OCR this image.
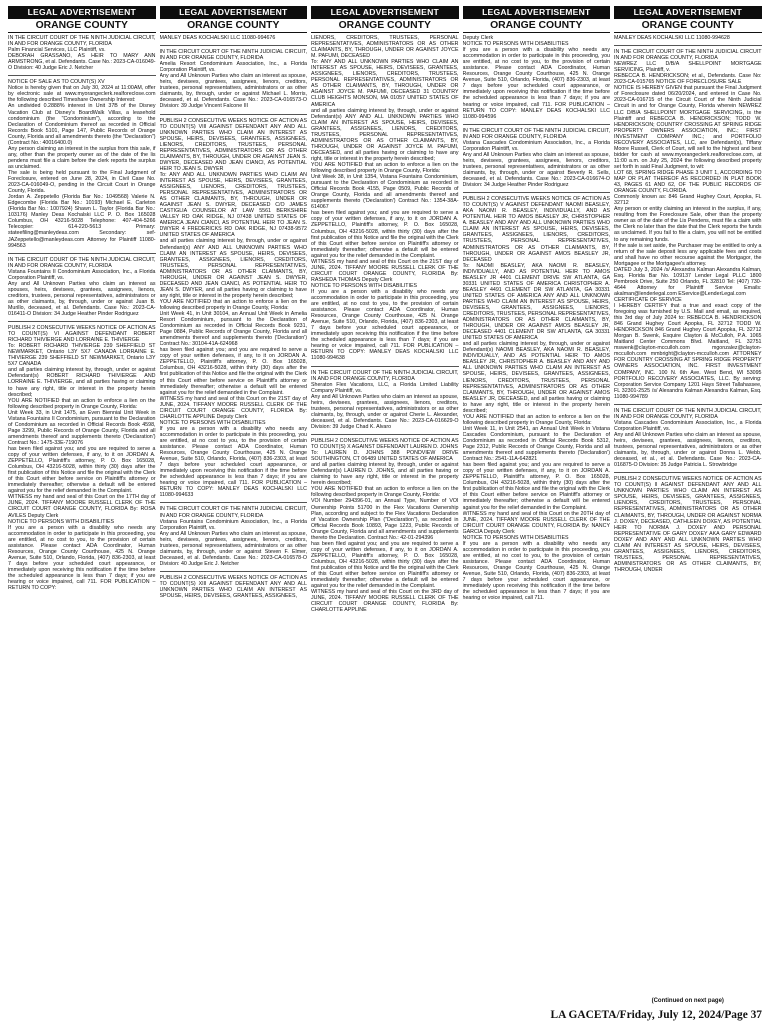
LEGAL ADVERTISEMENT
ORANGE COUNTY

IN THE CIRCUIT COURT OF THE NINTH JUDICIAL CIRCUIT, IN AND FOR ORANGE COUNTY, FLORIDA

Palm Financial Services, LLC Plaintiff, vs.

DEBORAH GRASSANO, AS HEIR TO MARY ANN ARMSTRONG, et al. Defendants. Case No.: 2023-CA-016049-O Division: 40 Judge Eric J. Netcher

NOTICE OF SALE AS TO COUNT(S) XV

Notice is hereby given that on July 30, 2024 at 11:00AM, offer by electronic sale at www.myorangeclerk.realforeclose.com the following described Timeshare Ownership Interest:

An undivided 0.2888% interest in Unit 37B of the Disney Vacation Club at Disney's BoardWalk Villas, a leasehold condominium (the "Condominium"), according to the Declaration of Condominium thereof as recorded in Official Records Book 5101, Page 147, Public Records of Orange County, Florida and all amendments thereto (the "Declaration") (Contract No.: 40016400.0)

Any person claiming an interest in the surplus from this sale, if any, other than the property owner as of the date of the lis pendens must file a claim before the clerk reports the surplus as unclaimed.

The sale is being held pursuant to the Final Judgment of Foreclosure, entered on June 28, 2024, in Civil Case No. 2023-CA-016049-O, pending in the Circuit Court in Orange County, Florida.

Jordan A. Zeppetello (Florida Bar No.: 1049568) Valerie N. Edgecombe (Florida Bar No.: 10193) Michael E. Carleton (Florida Bar No.: 1007924) Shawn L. Taylor (Florida Bar No.: 103176) Manley Deas Kochalski LLC P. O. Box 165028 Columbus, OH 43216-5028 Telephone: 407-404-5266 Telecopier: 614-220-5613 Primary: stateefiling@manleydeas.com Secondary: sef-JAZeppetello@manleydeas.com Attorney for Plaintiff 11080-994563

IN THE CIRCUIT COURT OF THE NINTH JUDICIAL CIRCUIT, IN AND FOR ORANGE COUNTY, FLORIDA

Vistana Fountains II Condominium Association, Inc., a Florida Corporation Plaintiff, vs.

Any and All Unknown Parties who claim an interest as spouses, heirs, devisees, grantees, assignees, lienors, creditors, trustees, personal representatives, administrators or as other claimants, by, through, under or against Juan B. Murillo, deceased, et al. Defendants. Case No.: 2023-CA-016411-O Division: 34 Judge Heather Pinder Rodriguez

PUBLISH 2 CONSECUTIVE WEEKS NOTICE OF ACTION AS TO COUNT(S) VI AGAINST DEFENDANT ROBERT RICHARD THIVIERGE AND LORRAINE E. THIVIERGE

To: ROBERT RICHARD THIVIERGE 239 SHEFFIELD ST NEWMARKET, Ontario L3Y 5X7 CANADA LORRAINE E. THIVIERGE 239 SHEFFIELD ST NEWMARKET, Ontario L3Y 5X7 CANADA

and all parties claiming interest by, through, under or against Defendant(s) ROBERT RICHARD THIVIERGE AND LORRAINE E. THIVIERGE, and all parties having or claiming to have any right, title or interest in the property herein described;

YOU ARE NOTIFIED that an action to enforce a lien on the following described property in Orange County, Florida:

Unit Week 33, in Unit 1475, an Even Biennial Unit Week in Vistana Fountains II Condominium, pursuant to the Declaration of Condominium as recorded in Official Records Book 4598, Page 3299, Public Records of Orange County, Florida and all amendments thereof and supplements thereto ('Declaration') Contract No.: 1475-33E-719076

has been filed against you; and you are required to serve a copy of your written defenses, if any, to it on JORDAN A. ZEPPETELLO, Plaintiff's attorney, P. O. Box 165028, Columbus, OH 43216-5028, within thirty (30) days after the first publication of this Notice and file the original with the Clerk of this Court either before service on Plaintiff's attorney or immediately thereafter; otherwise a default will be entered against you for the relief demanded in the Complaint.

WITNESS my hand and seal of this Court on the 17TH day of JUNE, 2024. TIFFANY MOORE RUSSELL CLERK OF THE CIRCUIT COURT ORANGE COUNTY, FLORIDA By: ROSA AVILES Deputy Clerk

NOTICE TO PERSONS WITH DISABILITIES

If you are a person with a disability who needs any accommodation in order to participate in this proceeding, you are entitled, at no cost to you, to the provision of certain assistance. Please contact ADA Coordinator, Human Resources, Orange County Courthouse, 425 N. Orange Avenue, Suite 510, Orlando, Florida, (407) 836-2303, at least 7 days before your scheduled court appearance, or immediately upon receiving this notification if the time before the scheduled appearance is less than 7 days; if you are hearing or voice impaired, call 711. FOR PUBLICATION – RETURN TO COPY:

LEGAL ADVERTISEMENT
ORANGE COUNTY

MANLEY DEAS KOCHALSKI LLC 11080-994676

IN THE CIRCUIT COURT OF THE NINTH JUDICIAL CIRCUIT, IN AND FOR ORANGE COUNTY, FLORIDA

Amelia Resort Condominium Association, Inc., a Florida Corporation Plaintiff, vs.

Any and All Unknown Parties who claim an interest as spouse, heirs, devisees, grantees, assignees, lienors, creditors, trustees, personal representatives, administrators or as other claimants, by, through, under or against Michael L. Morris, deceased, et al. Defendants. Case No.: 2023-CA-016573-O Division: 39 Judge Vincent Falcone III

PUBLISH 2 CONSECUTIVE WEEKS NOTICE OF ACTION AS TO COUNT(S) VIII AGAINST DEFENDANT ANY AND ALL UNKNOWN PARTIES WHO CLAIM AN INTEREST AS SPOUSE, HEIRS, DEVISEES, GRANTEES, ASSIGNEES, LIENORS, CREDITORS, TRUSTEES, PERSONAL REPRESENTATIVES, ADMINISTRATORS OR AS OTHER CLAIMANTS, BY, THROUGH, UNDER OR AGAINST JEAN S. DWYER, DECEASED AND JEAN CIANCI, AS POTENTIAL HEIR TO JEAN S. DWYER

To: ANY AND ALL UNKNOWN PARTIES WHO CLAIM AN INTEREST AS SPOUSE, HEIRS, DEVISEES, GRANTEES, ASSIGNEES, LIENORS, CREDITORS, TRUSTEES, PERSONAL REPRESENTATIVES, ADMINISTRATORS OR AS OTHER CLAIMANTS, BY, THROUGH, UNDER OR AGAINST JEAN S. DWYER, DECEASED C/O JAMES CASTIGLIA COUNSELOR AT LAW 5561 BERKSHIRE VALLEY RD OAK RIDGE, NJ 07438 UNITED STATES OF AMERICA JEAN CIANCI, AS POTENTIAL HEIR TO JEAN S. DWYER 4 FREDERICKS RD OAK RIDGE, NJ 07438-9572 UNITED STATES OF AMERICA

and all parties claiming interest by, through, under or against Defendant(s) ANY AND ALL UNKNOWN PARTIES WHO CLAIM AN INTEREST AS SPOUSE, HEIRS, DEVISEES, GRANTEES, ASSIGNEES, LIENORS, CREDITORS, TRUSTEES, PERSONAL REPRESENTATIVES, ADMINISTRATORS OR AS OTHER CLAIMANTS, BY, THROUGH, UNDER OR AGAINST JEAN S. DWYER, DECEASED AND JEAN CIANCI, AS POTENTIAL HEIR TO JEAN S. DWYER, and all parties having or claiming to have any right, title or interest in the property herein described;

YOU ARE NOTIFIED that an action to enforce a lien on the following described property in Orange County, Florida:

Unit Week 41, in Unit 30104, an Annual Unit Week in Amelia Resort Condominium, pursuant to the Declaration of Condominium as recorded in Official Records Book 9231, Page 0884, Public Records of Orange County, Florida and all amendments thereof and supplements thereto ('Declaration') Contract No.: 30104-41A-624968

has been filed against you; and you are required to serve a copy of your written defenses, if any, to it on JORDAN A. ZEPPETELLO, Plaintiff's attorney, P. O. Box 165028, Columbus, OH 43216-5028, within thirty (30) days after the first publication of this Notice and file the original with the Clerk of this Court either before service on Plaintiff's attorney or immediately thereafter; otherwise a default will be entered against you for the relief demanded in the Complaint.

WITNESS my hand and seal of this Court on the 21ST day of JUNE, 2024. TIFFANY MOORE RUSSELL CLERK OF THE CIRCUIT COURT ORANGE COUNTY, FLORIDA By: CHARLOTTE APPLINE Deputy Clerk

NOTICE TO PERSONS WITH DISABILITIES

If you are a person with a disability who needs any accommodation in order to participate in this proceeding, you are entitled, at no cost to you, to the provision of certain assistance. Please contact ADA Coordinator, Human Resources, Orange County Courthouse, 425 N. Orange Avenue, Suite 510, Orlando, Florida, (407) 836-2303, at least 7 days before your scheduled court appearance, or immediately upon receiving this notification if the time before the scheduled appearance is less than 7 days; if you are hearing or voice impaired, call 711. FOR PUBLICATION – RETURN TO COPY: MANLEY DEAS KOCHALSKI LLC 11080-994633

IN THE CIRCUIT COURT OF THE NINTH JUDICIAL CIRCUIT, IN AND FOR ORANGE COUNTY, FLORIDA

Vistana Fountains Condominium Association, Inc., a Florida Corporation Plaintiff, vs.

Any and All Unknown Parties who claim an interest as spouse, heirs, devisees, grantees, assignees, lienors, creditors, trustees, personal representatives, administrators or as other claimants, by, through, under or against Steven F. Elmer, Deceased, et al. Defendants. Case No.: 2023-CA-016578-O Division: 40 Judge Eric J. Netcher

PUBLISH 2 CONSECUTIVE WEEKS NOTICE OF ACTION AS TO COUNT(S) XIII AGAINST DEFENDANT ANY AND ALL UNKNOWN PARTIES WHO CLAIM AN INTEREST AS SPOUSE, HEIRS, DEVISEES, GRANTEES, ASSIGNEES,

LEGAL ADVERTISEMENT
ORANGE COUNTY

LIENORS, CREDITORS, TRUSTEES, PERSONAL REPRESENTATIVES, ADMINISTRATORS OR AS OTHER CLAIMANTS, BY, THROUGH, UNDER OR AGAINST JOYCE M. PAFUMI, DECEASED

To: ANY AND ALL UNKNOWN PARTIES WHO CLAIM AN INTEREST AS SPOUSE, HEIRS, DEVISEES, GRANTEES, ASSIGNEES, LIENORS, CREDITORS, TRUSTEES, PERSONAL REPRESENTATIVES, ADMINISTRATORS OR AS OTHER CLAIMANTS, BY, THROUGH, UNDER OR AGAINST JOYCE M. PAFUMI, DECEASED 31 COUNTRY CLUB HEIGHTS MONSON, MA 01057 UNITED STATES OF AMERICA

and all parties claiming interest by, through, under or against Defendant(s) ANY AND ALL UNKNOWN PARTIES WHO CLAIM AN INTEREST AS SPOUSE, HEIRS, DEVISEES, GRANTEES, ASSIGNEES, LIENORS, CREDITORS, TRUSTEES, PERSONAL REPRESENTATIVES, ADMINISTRATORS OR AS OTHER CLAIMANTS, BY, THROUGH, UNDER OR AGAINST JOYCE M. PAFUMI, DECEASED, and all parties having or claiming to have any right, title or interest in the property herein described;

YOU ARE NOTIFIED that an action to enforce a lien on the following described property in Orange County, Florida:

Unit Week 38, in Unit 1354, Vistana Fountains Condominium, pursuant to the Declaration of Condominium as recorded in Official Records Book 4155, Page 0509, Public Records of Orange County, Florida and all amendments thereof and supplements thereto ('Declaration') Contract No.: 1354-38A-614067

has been filed against you; and you are required to serve a copy of your written defenses, if any, to it on JORDAN A. ZEPPETELLO, Plaintiff's attorney, P. O. Box 165028, Columbus, OH 43216-5028, within thirty (30) days after the first publication of this Notice and file the original with the Clerk of this Court either before service on Plaintiff's attorney or immediately thereafter; otherwise a default will be entered against you for the relief demanded in the Complaint.

WITNESS my hand and seal of this Court on the 21ST day of JUNE, 2024. TIFFANY MOORE RUSSELL CLERK OF THE CIRCUIT COURT ORANGE COUNTY, FLORIDA By: RASHEDA THOMAS Deputy Clerk

NOTICE TO PERSONS WITH DISABILITIES

If you are a person with a disability who needs any accommodation in order to participate in this proceeding, you are entitled, at no cost to you, to the provision of certain assistance. Please contact ADA Coordinator, Human Resources, Orange County Courthouse, 425 N. Orange Avenue, Suite 510, Orlando, Florida, (407) 836-2303, at least 7 days before your scheduled court appearance, or immediately upon receiving this notification if the time before the scheduled appearance is less than 7 days; if you are hearing or voice impaired, call 711. FOR PUBLICATION – RETURN TO COPY: MANLEY DEAS KOCHALSKI LLC 11080-994638

IN THE CIRCUIT COURT OF THE NINTH JUDICIAL CIRCUIT, IN AND FOR ORANGE COUNTY, FLORIDA

Sheraton Flex Vacations, LLC, a Florida Limited Liability Company Plaintiff, vs.

Any and All Unknown Parties who claim an interest as spouse, heirs, devisees, grantees, assignees, lienors, creditors, trustees, personal representatives, administrators or as other claimants, by, through, under or against Cherie L. Alexander, deceased, et al. Defendants. Case No.: 2023-CA-016629-O Division: 39 Judge Chad K. Alvaro

PUBLISH 2 CONSECUTIVE WEEKS NOTICE OF ACTION AS TO COUNT(S) X AGAINST DEFENDANT LAUREN D. JOHNS

To: LAUREN D. JOHNS 388 PONDVIEW DRIVE SOUTHINGTON, CT 06489 UNITED STATES OF AMERICA

and all parties claiming interest by, through, under or against Defendant(s) LAUREN D. JOHNS, and all parties having or claiming to have any right, title or interest in the property herein described;

YOU ARE NOTIFIED that an action to enforce a lien on the following described property in Orange County, Florida:

VOI Number 294396-01, an Annual Type, Number of VOI Ownership Points 51700 in the Flex Vacations Ownership Plan, according and subject to the Flex Vacations Declaration of Vacation Ownership Plan ("Declaration"), as recorded in Official Records Book 10893, Page 1223, Public Records of Orange County, Florida and all amendments and supplements thereto the Declaration. Contract No.: 42-01-294396

has been filed against you; and you are required to serve a copy of your written defenses, if any, to it on JORDAN A. ZEPPETELLO, Plaintiff's attorney, P. O. Box 165028, Columbus, OH 43216-5028, within thirty (30) days after the first publication of this Notice and file the original with the Clerk of this Court either before service on Plaintiff's attorney or immediately thereafter; otherwise a default will be entered against you for the relief demanded in the Complaint.

WITNESS my hand and seal of this Court on the 3RD day of JUNE, 2024. TIFFANY MOORE RUSSELL CLERK OF THE CIRCUIT COURT ORANGE COUNTY, FLORIDA By: CHARLOTTE APPLINE

LEGAL ADVERTISEMENT
ORANGE COUNTY

Deputy Clerk

NOTICE TO PERSONS WITH DISABILITIES

If you are a person with a disability who needs any accommodation in order to participate in this proceeding, you are entitled, at no cost to you, to the provision of certain assistance. Please contact ADA Coordinator, Human Resources, Orange County Courthouse, 425 N. Orange Avenue, Suite 510, Orlando, Florida, (407) 836-2303, at least 7 days before your scheduled court appearance, or immediately upon receiving this notification if the time before the scheduled appearance is less than 7 days; if you are hearing or voice impaired, call 711. FOR PUBLICATION – RETURN TO COPY: MANLEY DEAS KOCHALSKI LLC 11080-994596

IN THE CIRCUIT COURT OF THE NINTH JUDICIAL CIRCUIT, IN AND FOR ORANGE COUNTY, FLORIDA

Vistana Cascades Condominium Association, Inc., a Florida Corporation Plaintiff, vs.

Any and All Unknown Parties who claim an interest as spouse, heirs, devisees, grantees, assignees, lienors, creditors, trustees, personal representatives, administrators or as other claimants, by, through, under or against Beverly R. Sells, deceased, et al. Defendants. Case No.: 2023-CA-016674-O Division: 34 Judge Heather Pinder Rodriguez

PUBLISH 2 CONSECUTIVE WEEKS NOTICE OF ACTION AS TO COUNT(S) V AGAINST DEFENDANT NAOMI BEASLEY, AKA NAOMI R. BEASLEY, INDIVIDUALLY, AND AS POTENTIAL HEIR TO AMOS BEASLEY JR, CHRISTOPHER A. BEASLEY AND ANY AND ALL UNKNOWN PARTIES WHO CLAIM AN INTEREST AS SPOUSE, HEIRS, DEVISEES, GRANTEES, ASSIGNEES, LIENORS, CREDITORS, TRUSTEES, PERSONAL REPRESENTATIVES, ADMINISTRATORS OR AS OTHER CLAIMANTS, BY, THROUGH, UNDER OR AGAINST AMOS BEASLEY JR, DECEASED

To: NAOMI BEASLEY, AKA NAOMI R. BEASLEY, INDIVIDUALLY, AND AS POTENTIAL HEIR TO AMOS BEASLEY JR 4401 CLEMENT DRIVE SW ATLANTA, GA 30331 UNITED STATES OF AMERICA CHRISTOPHER A. BEASLEY 4491 CLEMENT DR SW ATLANTA, GA 30331 UNITED STATES OF AMERICA ANY AND ALL UNKNOWN PARTIES WHO CLAIM AN INTEREST AS SPOUSE, HEIRS, DEVISEES, GRANTEES, ASSIGNEES, LIENORS, CREDITORS, TRUSTEES, PERSONAL REPRESENTATIVES, ADMINISTRATORS OR AS OTHER CLAIMANTS, BY, THROUGH, UNDER OR AGAINST AMOS BEASLEY JR, DECEASED 4401 CLEMENT DR SW ATLANTA, GA 30331 UNITED STATES OF AMERICA

and all parties claiming interest by, through, under or against Defendant(s) NAOMI BEASLEY, AKA NAOMI R. BEASLEY, INDIVIDUALLY, AND AS POTENTIAL HEIR TO AMOS BEASLEY JR, CHRISTOPHER A. BEASLEY AND ANY AND ALL UNKNOWN PARTIES WHO CLAIM AN INTEREST AS SPOUSE, HEIRS, DEVISEES, GRANTEES, ASSIGNEES, LIENORS, CREDITORS, TRUSTEES, PERSONAL REPRESENTATIVES, ADMINISTRATORS OR AS OTHER CLAIMANTS, BY, THROUGH, UNDER OR AGAINST AMOS BEASLEY JR, DECEASED, and all parties having or claiming to have any right, title or interest in the property herein described;

YOU ARE NOTIFIED that an action to enforce a lien on the following described property in Orange County, Florida:

Unit Week 11, in Unit 2541, an Annual Unit Week in Vistana Cascades Condominium, pursuant to the Declaration of Condominium as recorded in Official Records Book 5312, Page 2312, Public Records of Orange County, Florida and all amendments thereof and supplements thereto ('Declaration') Contract No.: 2541-11A-642821

has been filed against you; and you are required to serve a copy of your written defenses, if any, to it on JORDAN A. ZEPPETELLO, Plaintiff's attorney, P. O. Box 165028, Columbus, OH 43216-5028, within thirty (30) days after the first publication of this Notice and file the original with the Clerk of this Court either before service on Plaintiff's attorney or immediately thereafter; otherwise a default will be entered against you for the relief demanded in the Complaint.

WITNESS my hand and seal of this Court on the 20TH day of JUNE, 2024. TIFFANY MOORE RUSSELL CLERK OF THE CIRCUIT COURT ORANGE COUNTY, FLORIDA By: NANCY GARCIA Deputy Clerk

NOTICE TO PERSONS WITH DISABILITIES

If you are a person with a disability who needs any accommodation in order to participate in this proceeding, you are entitled, at no cost to you, to the provision of certain assistance. Please contact ADA Coordinator, Human Resources, Orange County Courthouse, 425 N. Orange Avenue, Suite 510, Orlando, Florida, (407) 836-2303, at least 7 days before your scheduled court appearance, or immediately upon receiving this notification if the time before the scheduled appearance is less than 7 days; if you are hearing or voice impaired, call 711.

LEGAL ADVERTISEMENT
ORANGE COUNTY

MANLEY DEAS KOCHALSKI LLC 11080-994628

IN THE CIRCUIT COURT OF THE NINTH JUDICIAL CIRCUIT IN AND FOR ORANGE COUNTY, FLORIDA

NEWREZ LLC D/B/A SHELLPOINT MORTGAGE SERVICING, Plaintiff, v.

REBECCA B. HENDRICKSON; et al., Defendants. Case No: 2023-CA-015765 NOTICE OF FORECLOSURE SALE

NOTICE IS HEREBY GIVEN that pursuant the Final Judgment of Foreclosure dated 06/20/2024, and entered in Case No. 2023-CA-016715 of the Circuit Court of the Ninth Judicial Circuit in and for Orange County, Florida wherein NEWREZ LLC D/B/A SHELLPOINT MORTGAGE SERVICING, is the Plaintiff and REBECCA B. HENDRICKSON; TODD W. HENDRICKSON; COUNTRY CROSSING AT SPRING RIDGE PROPERTY OWNERS ASSOCIATION, INC.; FIRST INVESTMENT COMPANY INC.; and PORTFOLIO RECOVERY ASSOCIATES, LLC, are Defendant(s), Tiffany Moore Russell, Clerk of Court, will sell to the highest and best bidder for cash at www.myorangeclerk.realforeclose.com, at 11:00 a.m. on July 25, 2024 the following described property set forth in said Final Judgment, to wit:

LOT 68, SPRING RIDGE PHASE 3 UNIT 1, ACCORDING TO MAP OR PLAT THEREOF AS RECORDED IN PLAT BOOK 43, PAGES 61 AND 62, OF THE PUBLIC RECORDS OF ORANGE COUNTY, FLORIDA.

Commonly known as: 846 Grand Hughey Court, Apopka, FL 32712

Any person or entity claiming an interest in the surplus, if any, resulting from the Foreclosure Sale, other than the property owner as of the date of the Lis Pendens, must file a claim with the Clerk no later than the date that the Clerk reports the funds as unclaimed. If you fail to file a claim, you will not be entitled to any remaining funds.

If the sale is set aside, the Purchaser may be entitled to only a return of the sale deposit less any applicable fees and costs and shall have no other recourse against the Mortgagor, the Mortgagee or the Mortgagee's attorney.

DATED July 3, 2024 /s/ Alexandra Kalman Alexandra Kalman, Esq. Florida Bar No. 109137 Lender Legal PLLC 1800 Pembrook Drive, Suite 250 Orlando, FL 32810 Tel: (407) 730-4644 Attorney for Plaintiff Service Emails: akalman@lenderlegal.com EService@LenderLegal.com

CERTIFICATE OF SERVICE

I HEREBY CERTIFY that a true and exact copy of the foregoing was furnished by U.S. Mail and email, as required, this 3rd day of July 2024 to: REBECCA B. HENDRICKSON 846 Grand Hughey Court Apopka, FL 32712 TODD W. HENDRICKSON 846 Grand Hughey Court Apopka, FL 32712 Morgan B. Swenk, Esquire Clayton & McCulloh, P.A. 1065 Maitland Center Commons Blvd. Maitland, FL 32751 mswenk@clayton-mcculloh.com mgonzalez@clayton-mcculloh.com mmbright@clayton-mcculloh.com ATTORNEY FOR COUNTRY CROSSING AT SPRING RIDGE PROPERTY OWNERS ASSOCIATION, INC. FIRST INVESTMENT COMPANY, INC. 100 N. 6th Ave. West Bend, WI 53095 PORTFOLIO RECOVERY ASSOCIATES, LLC. By serving: Corporation Service Company 1201 Hays Street Tallahassee, FL 32301-2525 /s/ Alexandra Kalman Alexandra Kalman, Esq. 11080-994789

IN THE CIRCUIT COURT OF THE NINTH JUDICIAL CIRCUIT, IN AND FOR ORANGE COUNTY, FLORIDA

Vistana Cascades Condominium Association, Inc., a Florida Corporation Plaintiff, vs.

Any and All Unknown Parties who claim an interest as spouse, heirs, devisees, grantees, assignees, lienors, creditors, trustees, personal representatives, administrators or as other claimants, by, through, under or against Donna L. Webb, deceased, et al., et al. Defendants. Case No.: 2023-CA-016875-O Division: 35 Judge Patricia L. Strowbridge

PUBLISH 2 CONSECUTIVE WEEKS NOTICE OF ACTION AS TO COUNT(S) II AGAINST DEFENDANT ANY AND ALL UNKNOWN PARTIES WHO CLAIM AN INTEREST AS SPOUSE, HEIRS, DEVISEES, GRANTEES, ASSIGNEES, LIENORS, CREDITORS, TRUSTEES, PERSONAL REPRESENTATIVES, ADMINISTRATORS OR AS OTHER CLAIMANTS, BY, THROUGH, UNDER OR AGAINST NORMA J. DOXEY, DECEASED, CATHLEEN DOXEY, AS POTENTIAL HEIR TO NORMA J. DOXEY AND PERSONAL REPRESENTATIVE OF GARY DOXEY AKA GARY EDWARD DOXEY AND ANY AND ALL UNKNOWN PARTIES WHO CLAIM AN INTEREST AS SPOUSE, HEIRS, DEVISEES, GRANTEES, ASSIGNEES, LIENORS, CREDITORS, TRUSTEES, PERSONAL REPRESENTATIVES, ADMINISTRATORS OR AS OTHER CLAIMANTS, BY, THROUGH, UNDER

(Continued on next page)
LA GACETA/Friday, July 12, 2024/Page 37
